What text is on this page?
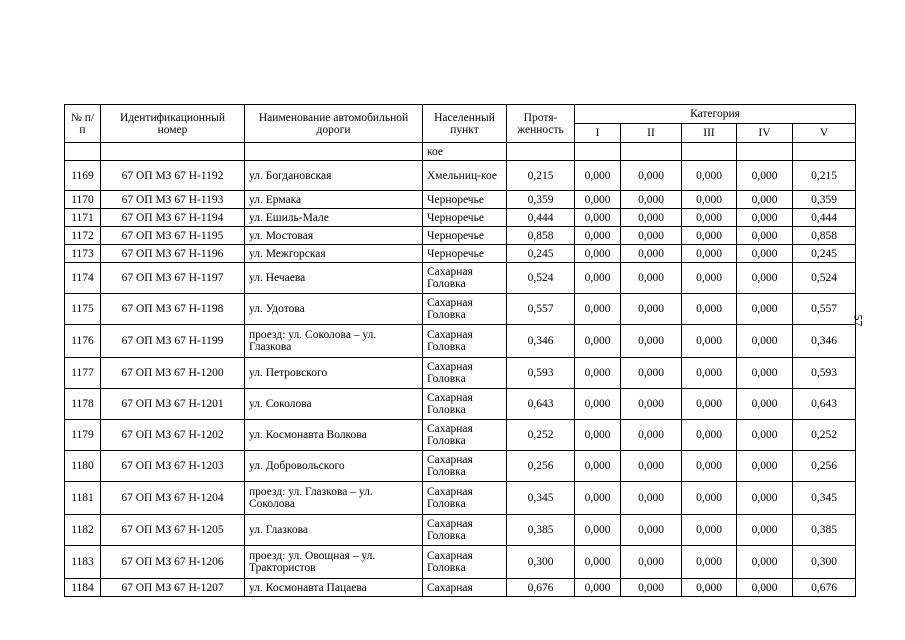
№ п/п	Идентификационный номер	Наименование автомобильной дороги	Населенный пункт	Протя-женность	Категория				
					I	II	III	IV	V
			кое						
1169	67 ОП МЗ 67 Н-1192	ул. Богдановская	Хмельниц-кое	0,215	0,000	0,000	0,000	0,000	0,215
1170	67 ОП МЗ 67 Н-1193	ул. Ермака	Черноречье	0,359	0,000	0,000	0,000	0,000	0,359
1171	67 ОП МЗ 67 Н-1194	ул. Ешиль-Мале	Черноречье	0,444	0,000	0,000	0,000	0,000	0,444
1172	67 ОП МЗ 67 Н-1195	ул. Мостовая	Черноречье	0,858	0,000	0,000	0,000	0,000	0,858
1173	67 ОП МЗ 67 Н-1196	ул. Межгорская	Черноречье	0,245	0,000	0,000	0,000	0,000	0,245
1174	67 ОП МЗ 67 Н-1197	ул. Нечаева	Сахарная Головка	0,524	0,000	0,000	0,000	0,000	0,524
1175	67 ОП МЗ 67 Н-1198	ул. Удотова	Сахарная Головка	0,557	0,000	0,000	0,000	0,000	0,557
1176	67 ОП МЗ 67 Н-1199	проезд: ул. Соколова – ул. Глазкова	Сахарная Головка	0,346	0,000	0,000	0,000	0,000	0,346
1177	67 ОП МЗ 67 Н-1200	ул. Петровского	Сахарная Головка	0,593	0,000	0,000	0,000	0,000	0,593
1178	67 ОП МЗ 67 Н-1201	ул. Соколова	Сахарная Головка	0,643	0,000	0,000	0,000	0,000	0,643
1179	67 ОП МЗ 67 Н-1202	ул. Космонавта Волкова	Сахарная Головка	0,252	0,000	0,000	0,000	0,000	0,252
1180	67 ОП МЗ 67 Н-1203	ул. Добровольского	Сахарная Головка	0,256	0,000	0,000	0,000	0,000	0,256
1181	67 ОП МЗ 67 Н-1204	проезд: ул. Глазкова – ул. Соколова	Сахарная Головка	0,345	0,000	0,000	0,000	0,000	0,345
1182	67 ОП МЗ 67 Н-1205	ул. Глазкова	Сахарная Головка	0,385	0,000	0,000	0,000	0,000	0,385
1183	67 ОП МЗ 67 Н-1206	проезд: ул. Овощная – ул. Трактористов	Сахарная Головка	0,300	0,000	0,000	0,000	0,000	0,300
1184	67 ОП МЗ 67 Н-1207	ул. Космонавта Пацаева	Сахарная	0,676	0,000	0,000	0,000	0,000	0,676
57
